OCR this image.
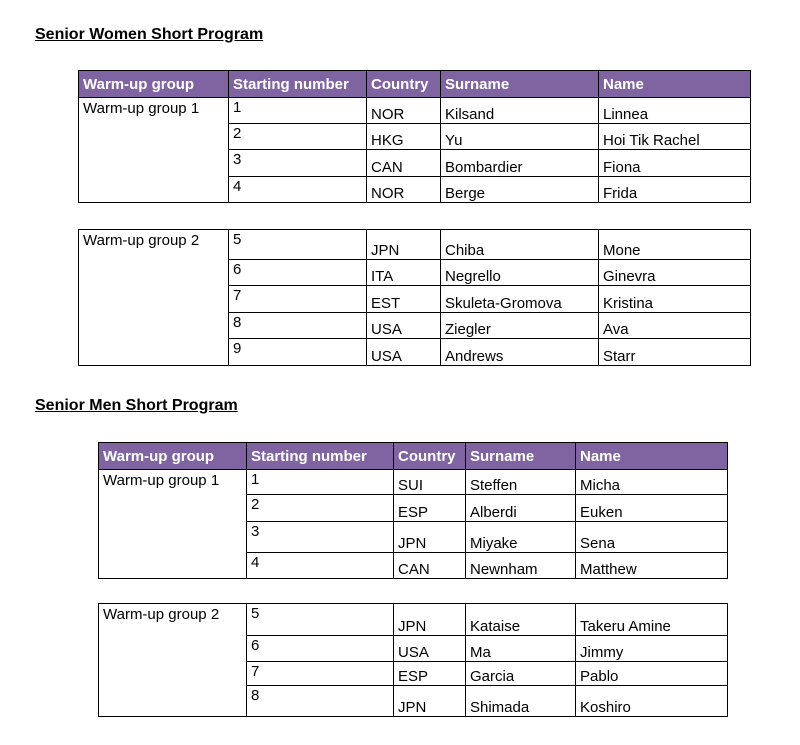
Senior Women Short Program
Warm-up group	Starting number	Country	Surname	Name
Warm-up group 1	1	NOR	Kilsand	Linnea
	2	HKG	Yu	Hoi Tik Rachel
	3	CAN	Bombardier	Fiona
	4	NOR	Berge	Frida
Warm-up group 2	5	JPN	Chiba	Mone
	6	ITA	Negrello	Ginevra
	7	EST	Skuleta-Gromova	Kristina
	8	USA	Ziegler	Ava
	9	USA	Andrews	Starr
Senior Men Short Program
Warm-up group	Starting number	Country	Surname	Name
Warm-up group 1	1	SUI	Steffen	Micha
	2	ESP	Alberdi	Euken
	3	JPN	Miyake	Sena
	4	CAN	Newnham	Matthew
Warm-up group 2	5	JPN	Kataise	Takeru Amine
	6	USA	Ma	Jimmy
	7	ESP	Garcia	Pablo
	8	JPN	Shimada	Koshiro
